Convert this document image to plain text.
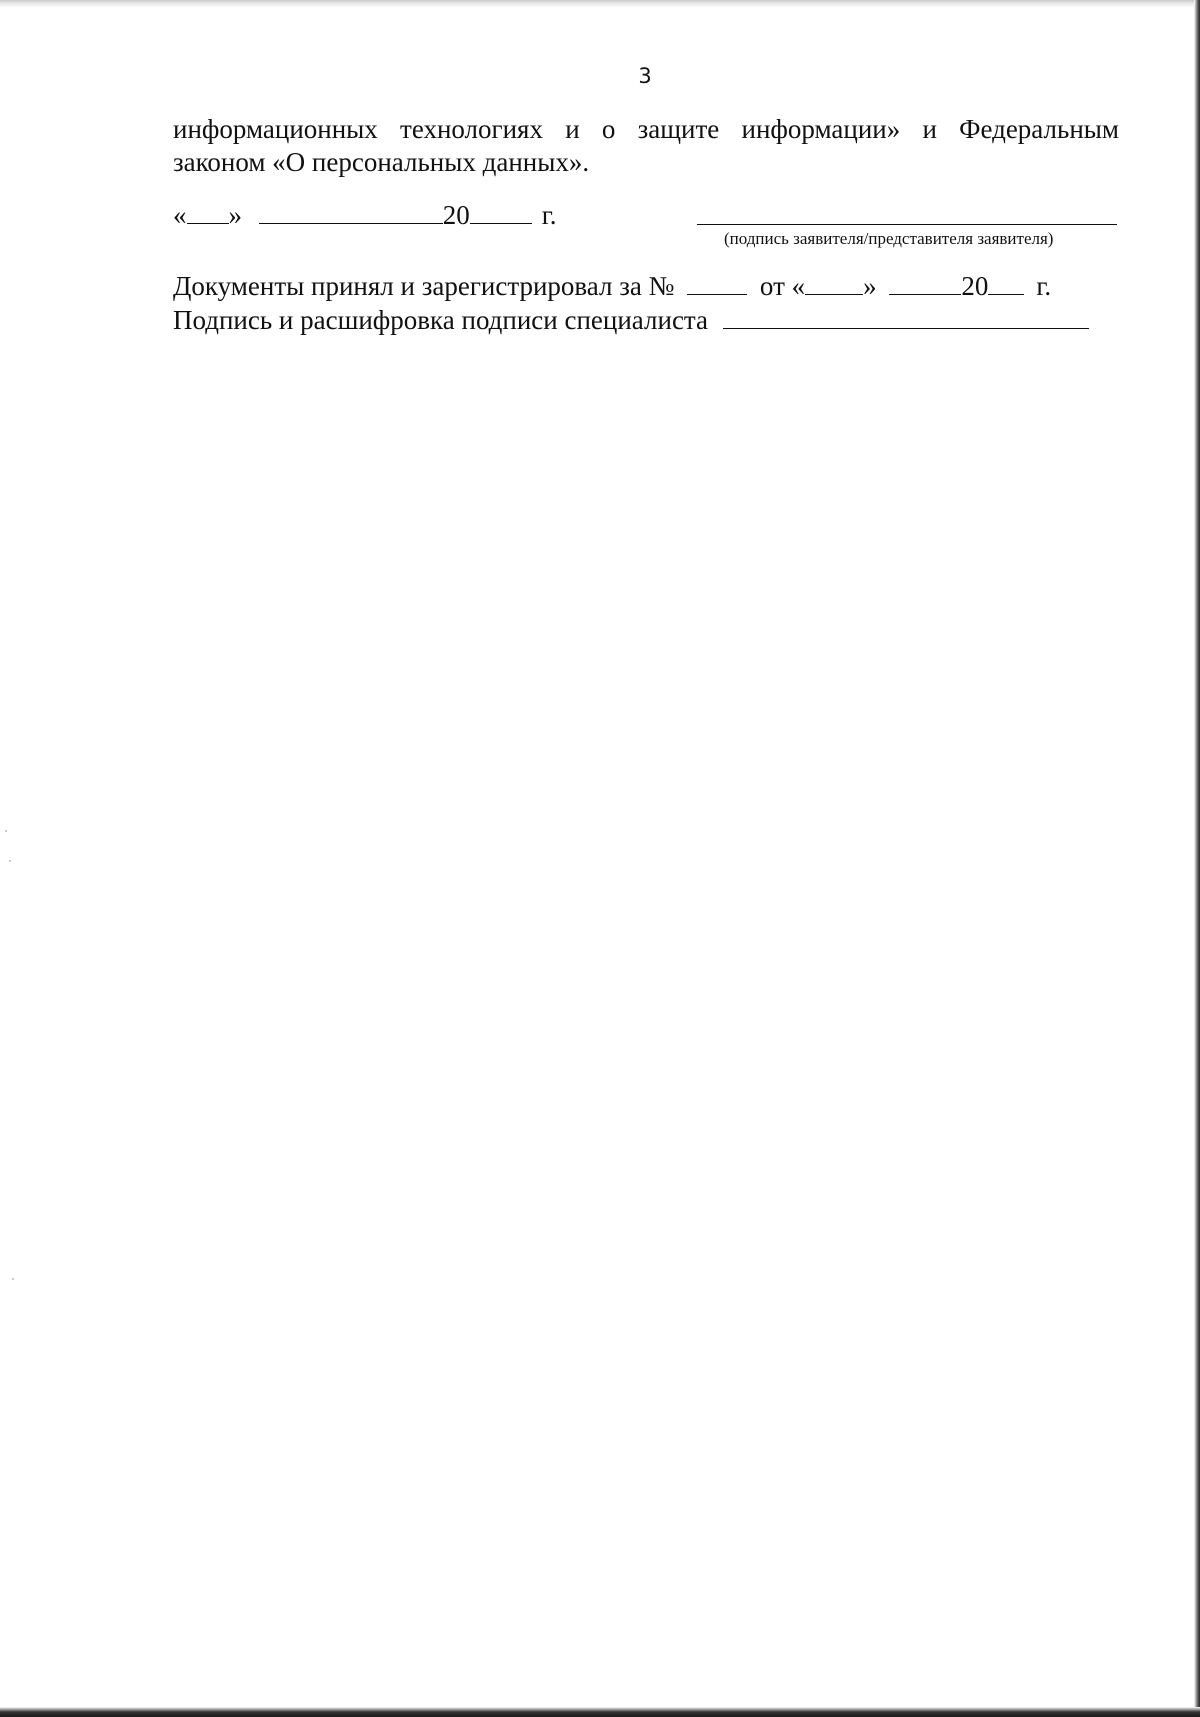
3
информационных технологиях и о защите информации» и Федеральным
законом «О персональных данных».
« »	20	г.
(подпись заявителя/представителя заявителя)
Документы принял и зарегистрировал за №	от « »	20 г.
Подпись и расшифровка подписи специалиста
